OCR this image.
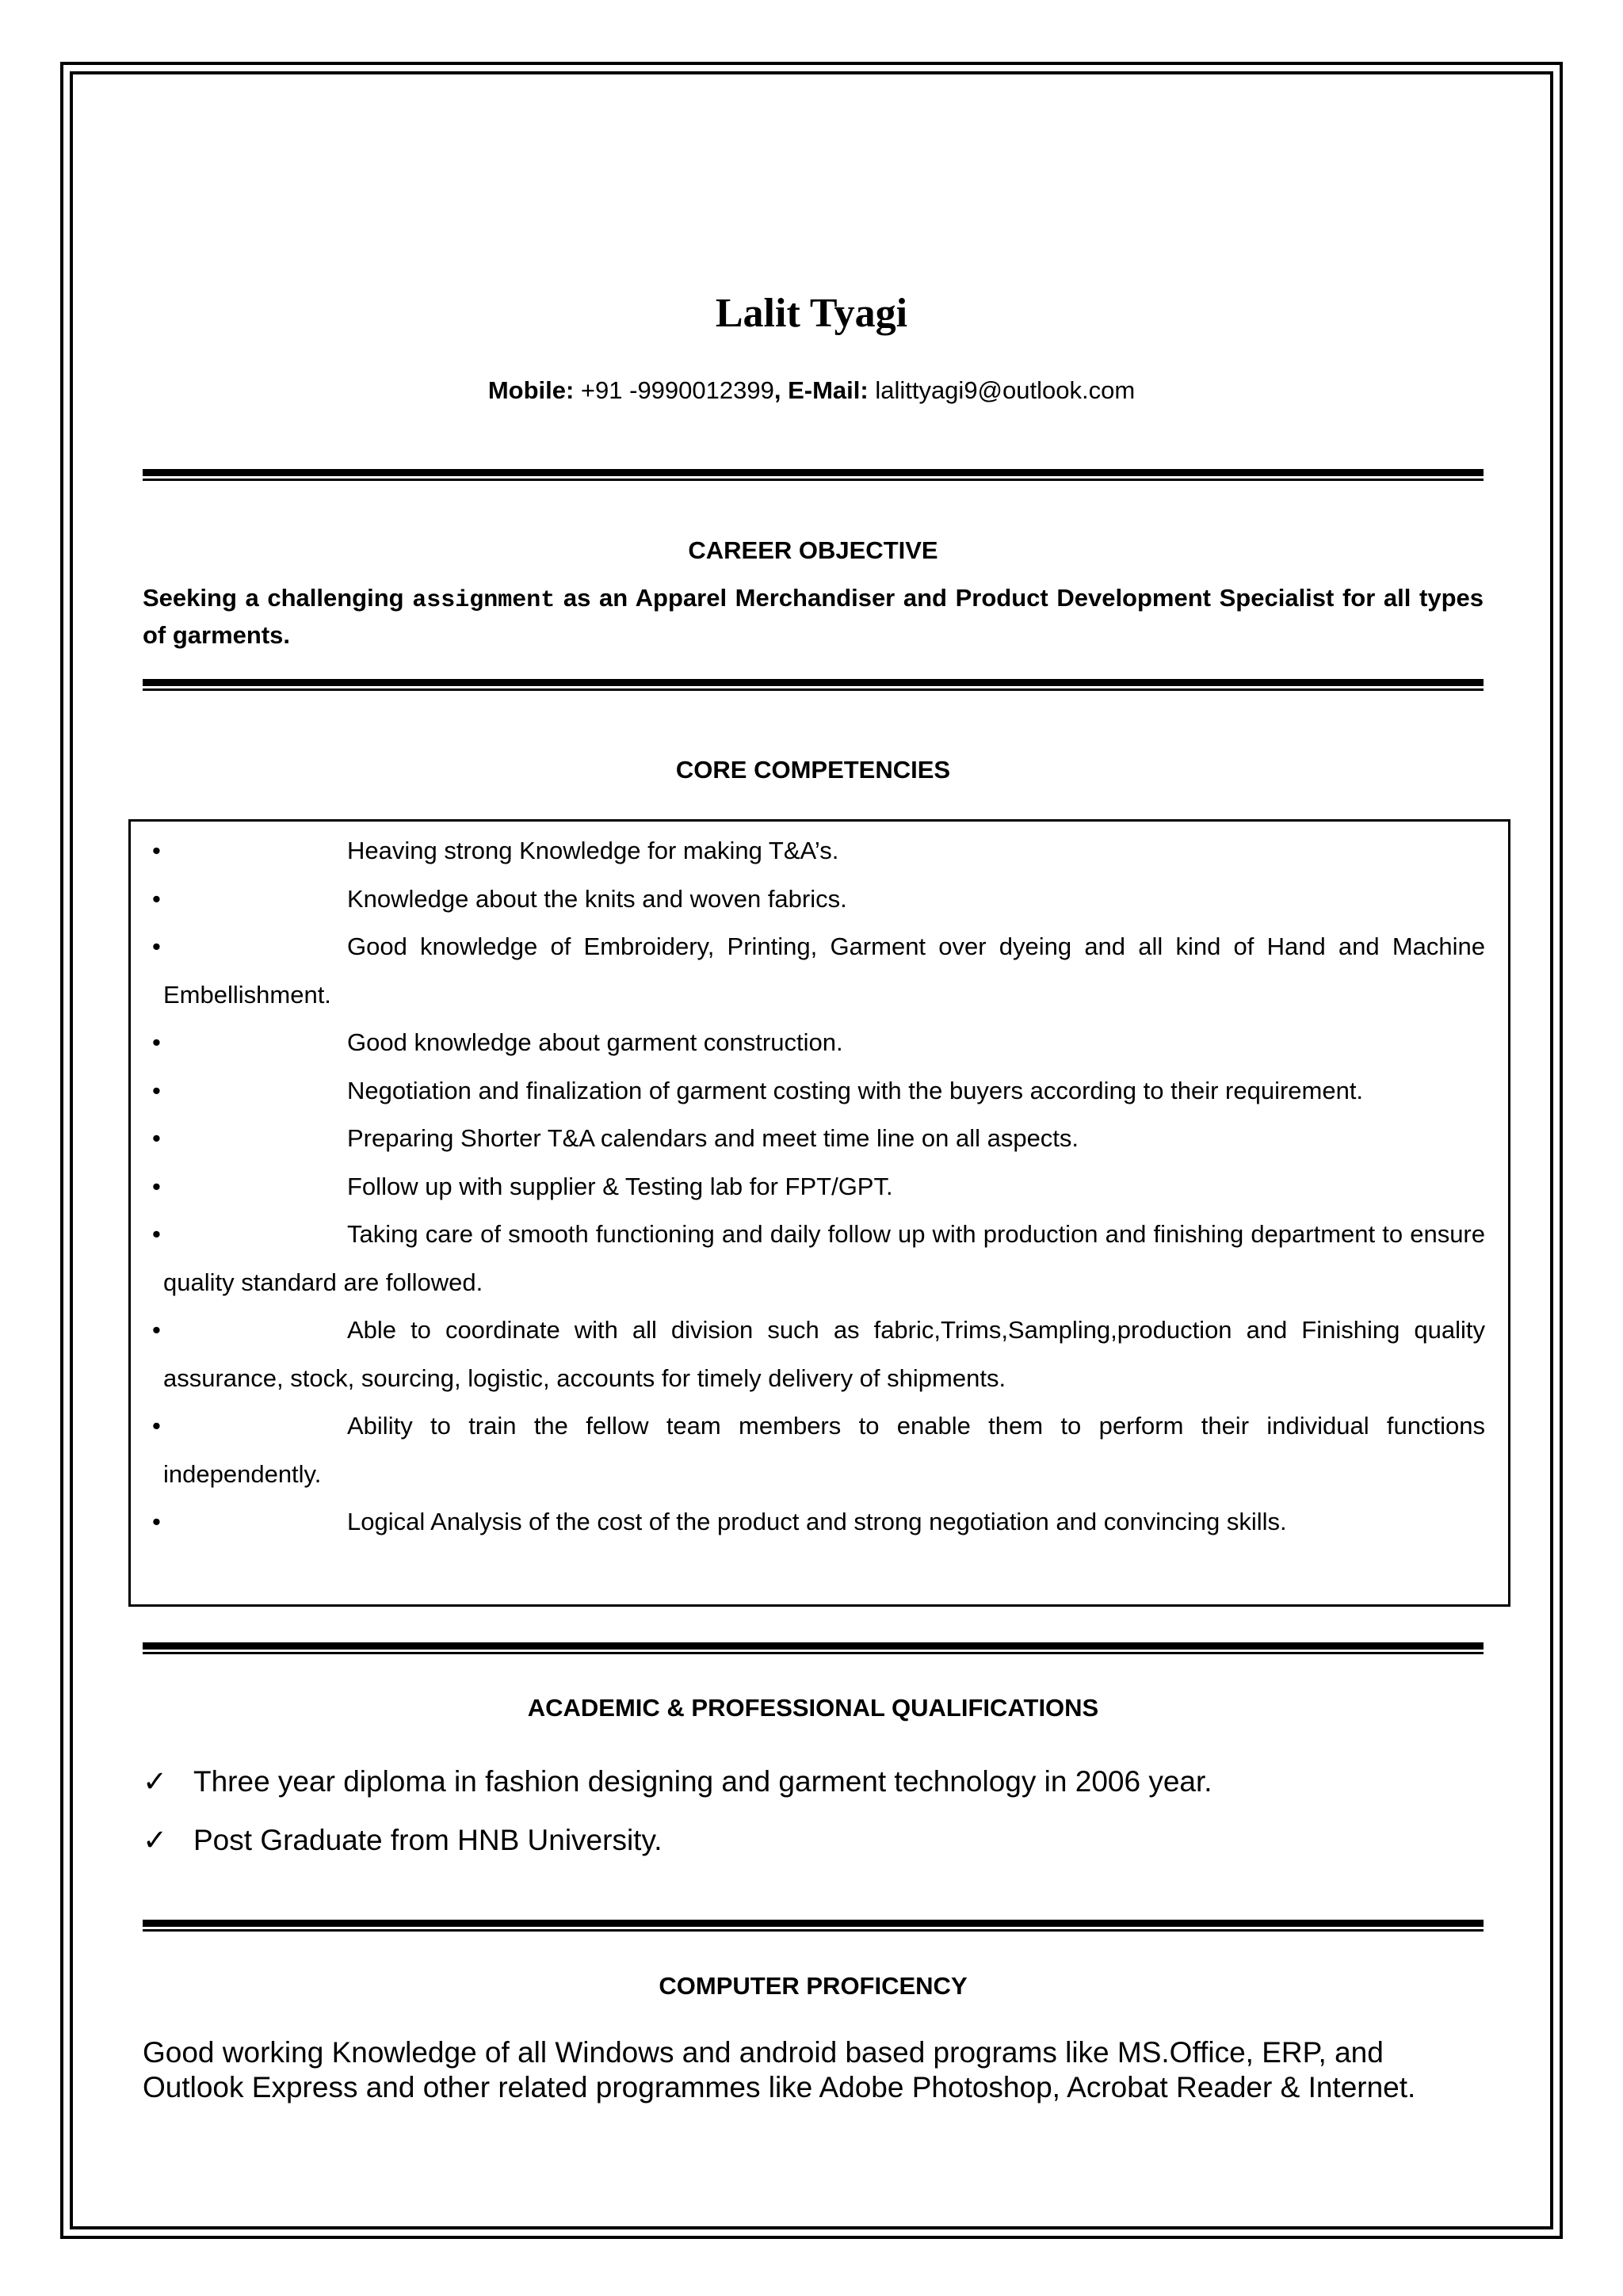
Lalit Tyagi
Mobile: +91 -9990012399, E-Mail: lalittyagi9@outlook.com
CAREER OBJECTIVE
Seeking a challenging assignment as an Apparel Merchandiser and Product Development Specialist for all types of garments.
CORE COMPETENCIES
• Heaving strong Knowledge for making T&A’s.
• Knowledge about the knits and woven fabrics.
• Good knowledge of Embroidery, Printing, Garment over dyeing and all kind of Hand and Machine Embellishment.
• Good knowledge about garment construction.
• Negotiation and finalization of garment costing with the buyers according to their requirement.
• Preparing Shorter T&A calendars and meet time line on all aspects.
• Follow up with supplier & Testing lab for FPT/GPT.
• Taking care of smooth functioning and daily follow up with production and finishing department to ensure quality standard are followed.
• Able to coordinate with all division such as fabric,Trims,Sampling,production and Finishing quality assurance, stock, sourcing, logistic, accounts for timely delivery of shipments.
• Ability to train the fellow team members to enable them to perform their individual functions independently.
• Logical Analysis of the cost of the product and strong negotiation and convincing skills.
ACADEMIC & PROFESSIONAL QUALIFICATIONS
✓ Three year diploma in fashion designing and garment technology in 2006 year.
✓ Post Graduate from HNB University.
COMPUTER PROFICENCY
Good working Knowledge of all Windows and android based programs like MS.Office, ERP, and Outlook Express and other related programmes like Adobe Photoshop, Acrobat Reader & Internet.
